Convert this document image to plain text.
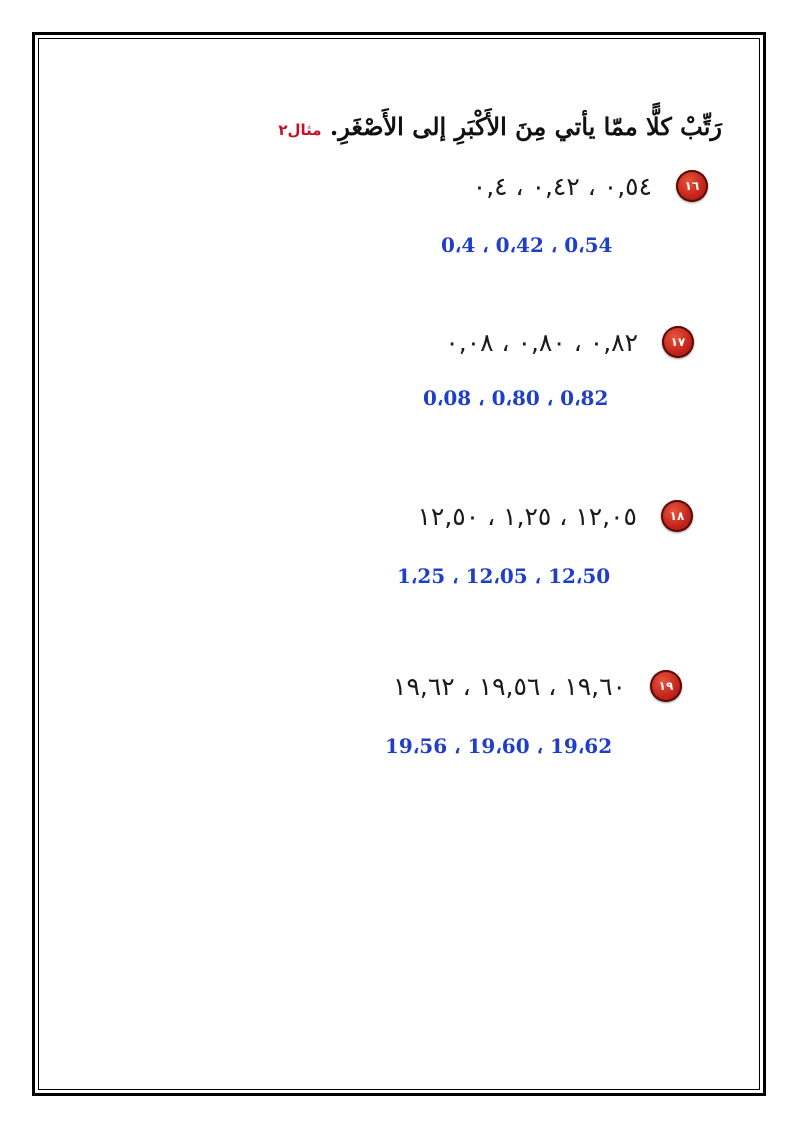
رَتِّبْ كلًّا ممّا يأتي مِنَ الأَكْبَرِ إلى الأَصْغَرِ. مثال٢
١٦
٠,٥٤ ، ٠,٤٢ ، ٠,٤
0،4 ، 0،42 ، 0،54
١٧
٠,٨٢ ، ٠,٨٠ ، ٠,٠٨
0،08 ، 0،80 ، 0،82
١٨
١٢,٠٥ ، ١,٢٥ ، ١٢,٥٠
1،25 ، 12،05 ، 12،50
١٩
١٩,٦٠ ، ١٩,٥٦ ، ١٩,٦٢
19،56 ، 19،60 ، 19،62
